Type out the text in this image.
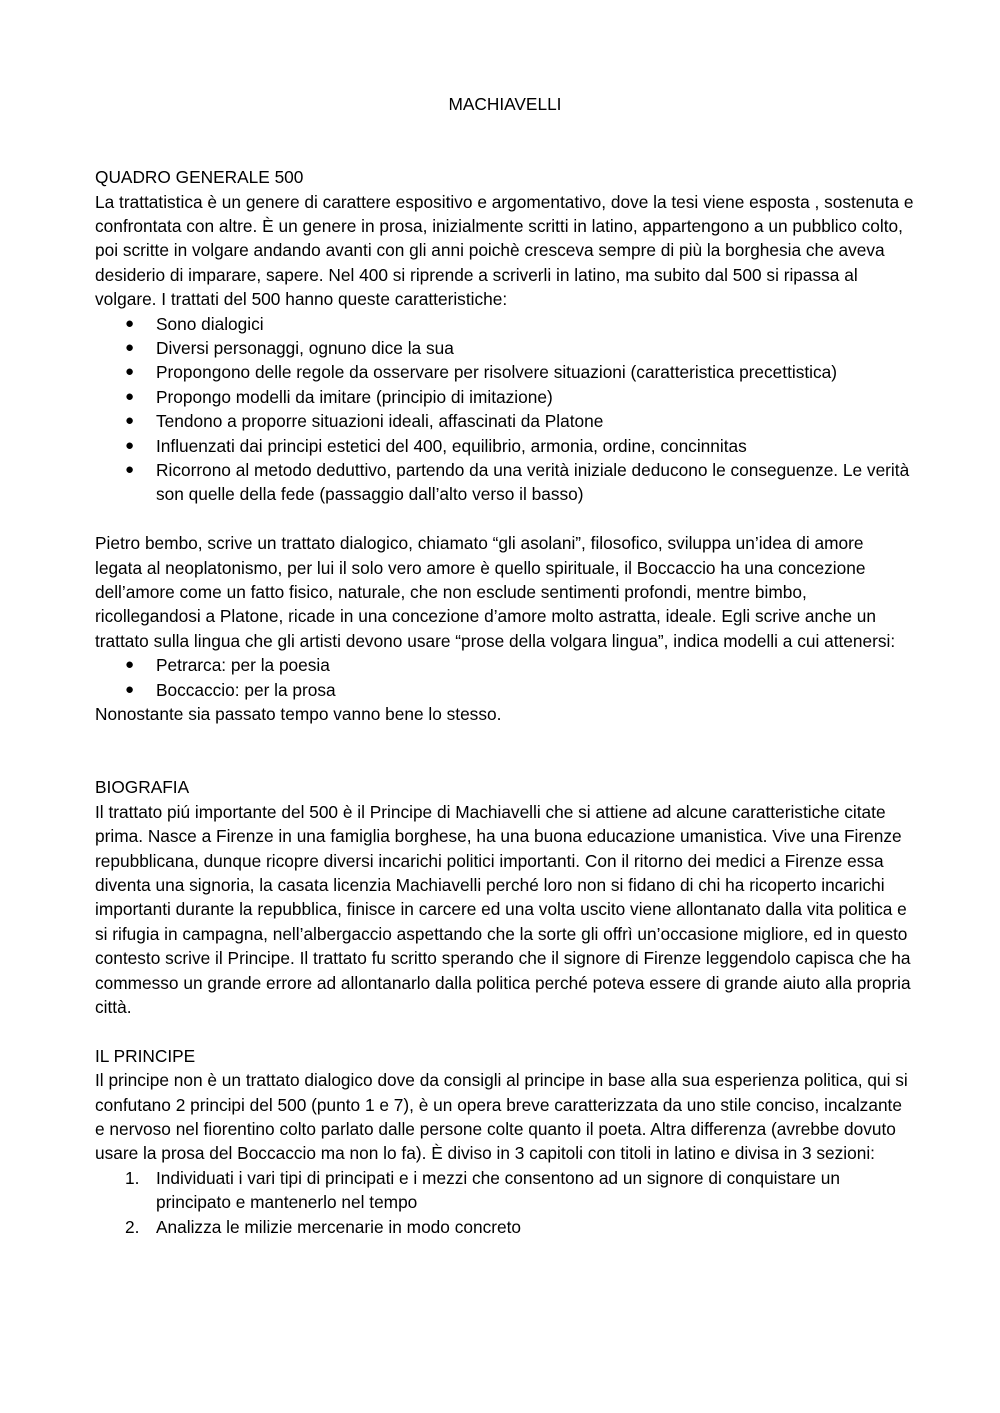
MACHIAVELLI
QUADRO GENERALE 500

La trattatistica è un genere di carattere espositivo e argomentativo, dove la tesi viene esposta , sostenuta e confrontata con altre. È un genere in prosa, inizialmente scritti in latino, appartengono a un pubblico colto, poi scritte in volgare andando avanti con gli anni poichè cresceva sempre di più la borghesia che aveva desiderio di imparare, sapere. Nel 400 si riprende a scriverli in latino, ma subito dal 500 si ripassa al volgare. I trattati del 500 hanno queste caratteristiche:

● Sono dialogici
● Diversi personaggi, ognuno dice la sua
● Propongono delle regole da osservare per risolvere situazioni (caratteristica precettistica)
● Propongo modelli da imitare (principio di imitazione)
● Tendono a proporre situazioni ideali, affascinati da Platone
● Influenzati dai principi estetici del 400, equilibrio, armonia, ordine, concinnitas
● Ricorrono al metodo deduttivo, partendo da una verità iniziale deducono le conseguenze. Le verità son quelle della fede (passaggio dall’alto verso il basso)

Pietro bembo, scrive un trattato dialogico, chiamato “gli asolani”, filosofico, sviluppa un’idea di amore legata al neoplatonismo, per lui il solo vero amore è quello spirituale, il Boccaccio ha una concezione dell’amore come un fatto fisico, naturale, che non esclude sentimenti profondi, mentre bimbo, ricollegandosi a Platone, ricade in una concezione d’amore molto astratta, ideale. Egli scrive anche un trattato sulla lingua che gli artisti devono usare “prose della volgara lingua”, indica modelli a cui attenersi:

● Petrarca: per la poesia
● Boccaccio: per la prosa

Nonostante sia passato tempo vanno bene lo stesso.

BIOGRAFIA

Il trattato piú importante del 500 è il Principe di Machiavelli che si attiene ad alcune caratteristiche citate prima. Nasce a Firenze in una famiglia borghese, ha una buona educazione umanistica. Vive una Firenze repubblicana, dunque ricopre diversi incarichi politici importanti. Con il ritorno dei medici a Firenze essa diventa una signoria, la casata licenzia Machiavelli perché loro non si fidano di chi ha ricoperto incarichi importanti durante la repubblica, finisce in carcere ed una volta uscito viene allontanato dalla vita politica e si rifugia in campagna, nell’albergaccio aspettando che la sorte gli offrì un’occasione migliore, ed in questo contesto scrive il Principe. Il trattato fu scritto sperando che il signore di Firenze leggendolo capisca che ha commesso un grande errore ad allontanarlo dalla politica perché poteva essere di grande aiuto alla propria città.

IL PRINCIPE

Il principe non è un trattato dialogico dove da consigli al principe in base alla sua esperienza politica, qui si confutano 2 principi del 500 (punto 1 e 7), è un opera breve caratterizzata da uno stile conciso, incalzante e nervoso nel fiorentino colto parlato dalle persone colte quanto il poeta. Altra differenza (avrebbe dovuto usare la prosa del Boccaccio ma non lo fa). È diviso in 3 capitoli con titoli in latino e divisa in 3 sezioni:

1. Individuati i vari tipi di principati e i mezzi che consentono ad un signore di conquistare un principato e mantenerlo nel tempo
2. Analizza le milizie mercenarie in modo concreto
